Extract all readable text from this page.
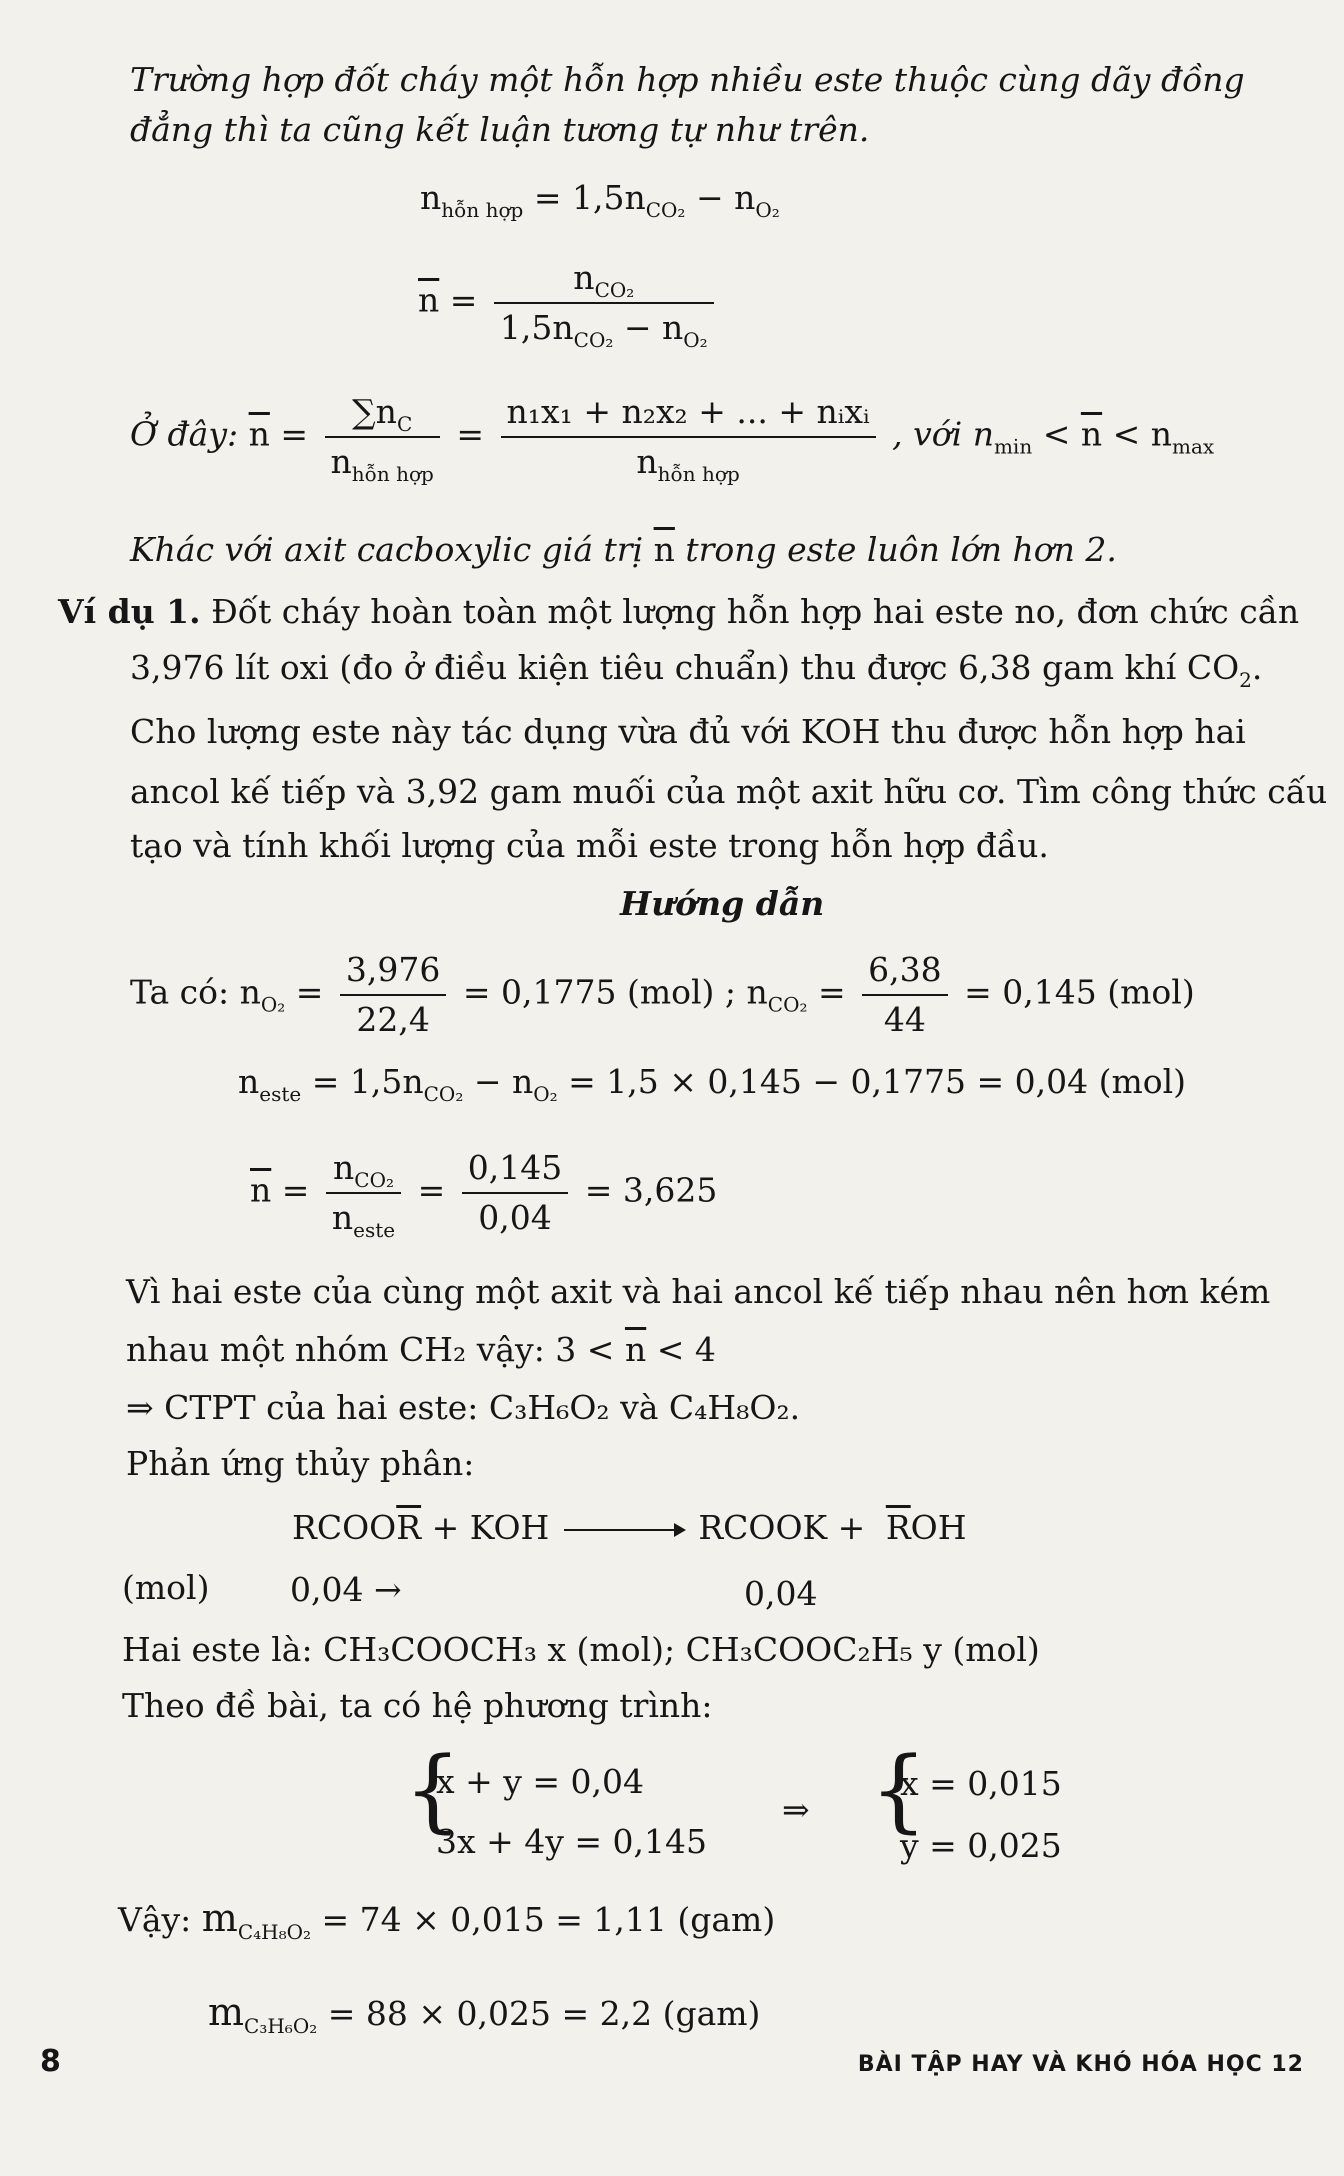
Trường hợp đốt cháy một hỗn hợp nhiều este thuộc cùng dãy đồng
đẳng thì ta cũng kết luận tương tự như trên.
$n_{hỗn hợp} = 1,5n_{CO_2} - n_{O_2}$
$\overline{n} = \frac{n_{CO_2}}{1,5n_{CO_2} - n_{O_2}}$
Ở đây: $\overline{n} = \frac{\sum n_C}{n_{hỗn hợp}} = \frac{\text{n₁x₁ + n₂x₂ + ... + nᵢxᵢ}}{n_{hỗn hợp}}$ , với $n_{min} < \overline{n} < n_{max}$
Khác với axit cacboxylic giá trị $\overline{n}$ trong este luôn lớn hơn 2.
Ví dụ 1. Đốt cháy hoàn toàn một lượng hỗn hợp hai este no, đơn chức cần
3,976 lít oxi (đo ở điều kiện tiêu chuẩn) thu được 6,38 gam khí $CO_2$.
Cho lượng este này tác dụng vừa đủ với KOH thu được hỗn hợp hai
ancol kế tiếp và 3,92 gam muối của một axit hữu cơ. Tìm công thức cấu
tạo và tính khối lượng của mỗi este trong hỗn hợp đầu.
Hướng dẫn
Ta có: $n_{O_2} = \frac{3,976}{22,4} = 0,1775$ (mol) ; $n_{CO_2} = \frac{6,38}{44} = 0,145$ (mol)
$n_{este} = 1,5n_{CO_2} - n_{O_2} = 1,5 \times 0,145 - 0,1775 = 0,04$ (mol)
$\overline{n} = \frac{n_{CO_2}}{n_{este}} = \frac{0,145}{0,04} = 3,625$
Vì hai este của cùng một axit và hai ancol kế tiếp nhau nên hơn kém
nhau một nhóm CH₂ vậy: $3 < \overline{n} < 4$
⇒ CTPT của hai este: C₃H₆O₂ và C₄H₈O₂.
Phản ứng thủy phân:
$RCOO\overline{R}$ + KOH → RCOOK + $\overline{R}OH$
(mol) 0,04 →	0,04
Hai este là: CH₃COOCH₃ x (mol); CH₃COOC₂H₅ y (mol)
Theo đề bài, ta có hệ phương trình:
{
x + y = 0,04
3x + 4y = 0,145
⇒ {
x = 0,015
y = 0,025
Vậy: $m_{C_4H_8O_2} = 74 \times 0,015 = 1,11$ (gam)
$m_{C_3H_6O_2} = 88 \times 0,025 = 2,2$ (gam)
8	BÀI TẬP HAY VÀ KHÓ HÓA HỌC 12
